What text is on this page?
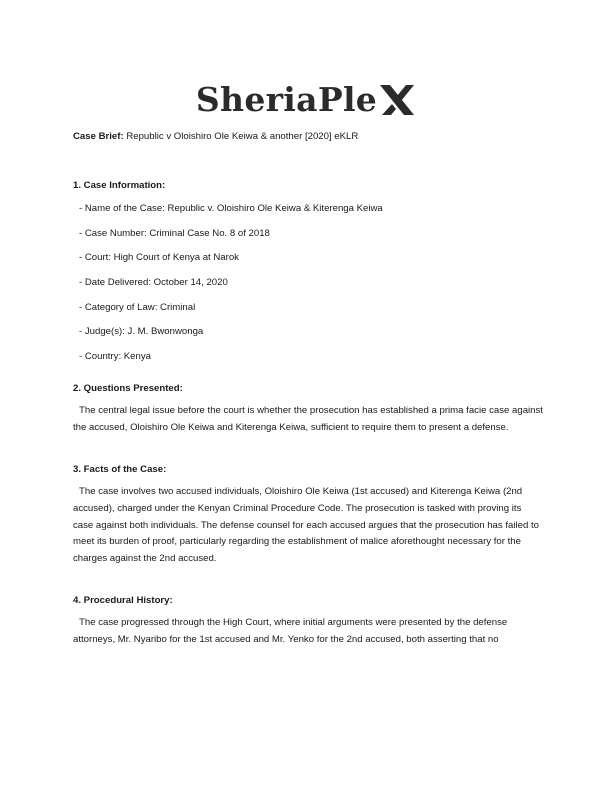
SheriaPle

Case Brief: Republic v Oloishiro Ole Keiwa & another [2020] eKLR

1. Case Information:

- Name of the Case: Republic v. Oloishiro Ole Keiwa & Kiterenga Keiwa
- Case Number: Criminal Case No. 8 of 2018
- Court: High Court of Kenya at Narok
- Date Delivered: October 14, 2020
- Category of Law: Criminal
- Judge(s): J. M. Bwonwonga
- Country: Kenya

2. Questions Presented:

The central legal issue before the court is whether the prosecution has established a prima facie case against the accused, Oloishiro Ole Keiwa and Kiterenga Keiwa, sufficient to require them to present a defense.

3. Facts of the Case:

The case involves two accused individuals, Oloishiro Ole Keiwa (1st accused) and Kiterenga Keiwa (2nd accused), charged under the Kenyan Criminal Procedure Code. The prosecution is tasked with proving its case against both individuals. The defense counsel for each accused argues that the prosecution has failed to meet its burden of proof, particularly regarding the establishment of malice aforethought necessary for the charges against the 2nd accused.

4. Procedural History:

The case progressed through the High Court, where initial arguments were presented by the defense attorneys, Mr. Nyaribo for the 1st accused and Mr. Yenko for the 2nd accused, both asserting that no
